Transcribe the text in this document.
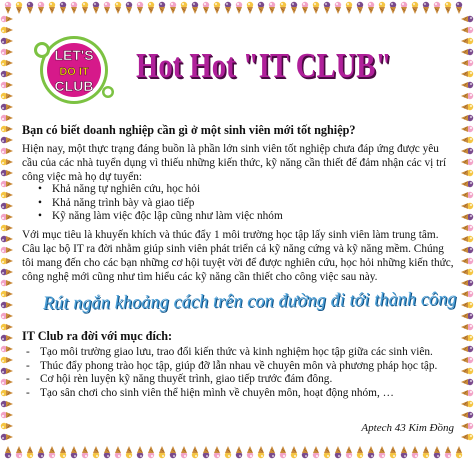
LET'S
DO IT
CLUB
Hot Hot "IT CLUB"
Bạn có biết doanh nghiệp cần gì ở một sinh viên mới tốt nghiệp?
Hiện nay, một thực trạng đáng buồn là phần lớn sinh viên tốt nghiệp chưa đáp ứng được yêu cầu của các nhà tuyển dụng vì thiếu những kiến thức, kỹ năng cần thiết để đảm nhận các vị trí công việc mà họ dự tuyển:
• Khả năng tự nghiên cứu, học hỏi
• Khả năng trình bày và giao tiếp
• Kỹ năng làm việc độc lập cũng như làm việc nhóm
Với mục tiêu là khuyến khích và thúc đẩy 1 môi trường học tập lấy sinh viên làm trung tâm. Câu lạc bộ IT ra đời nhằm giúp sinh viên phát triển cả kỹ năng cứng và kỹ năng mềm. Chúng tôi mang đến cho các bạn những cơ hội tuyệt vời để được nghiên cứu, học hỏi những kiến thức, công nghệ mới cũng như tìm hiểu các kỹ năng cần thiết cho công việc sau này.
Rút ngắn khoảng cách trên con đường đi tới thành công
IT Club ra đời với mục đích:
- Tạo môi trường giao lưu, trao đổi kiến thức và kinh nghiệm học tập giữa các sinh viên.
- Thúc đẩy phong trào học tập, giúp đỡ lẫn nhau về chuyên môn và phương pháp học tập.
- Cơ hội rèn luyện kỹ năng thuyết trình, giao tiếp trước đám đông.
- Tạo sân chơi cho sinh viên thể hiện mình về chuyên môn, hoạt động nhóm, …
Aptech 43 Kim Đồng
